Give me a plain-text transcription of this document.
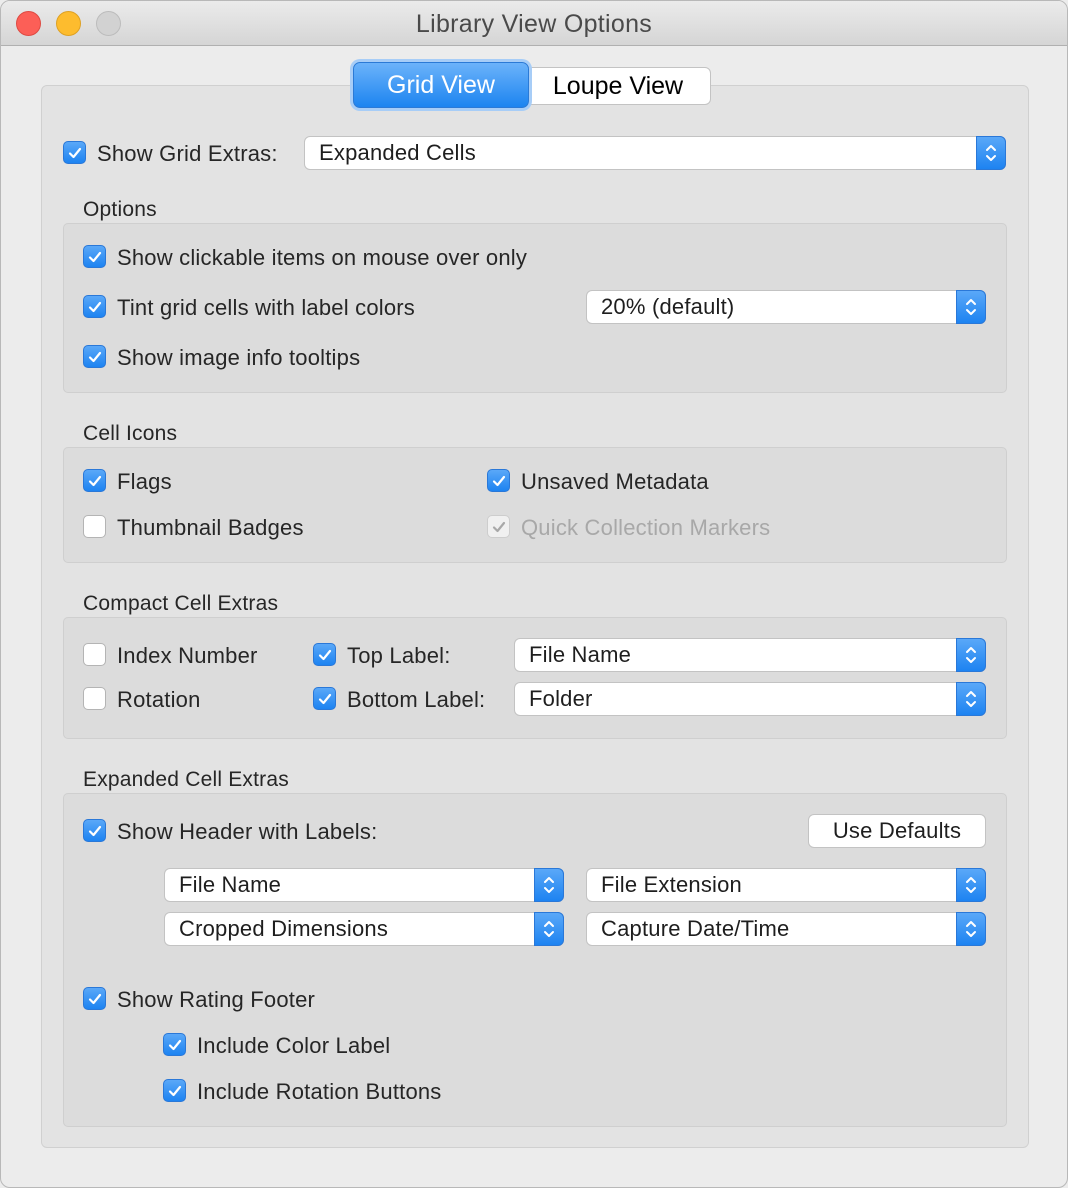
Library View Options
Grid View	Loupe View
Show Grid Extras: Expanded Cells
Options
Show clickable items on mouse over only
Tint grid cells with label colors	20% (default)
Show image info tooltips
Cell Icons
Flags	Unsaved Metadata
Thumbnail Badges	Quick Collection Markers
Compact Cell Extras
Index Number	Top Label:	File Name
Rotation	Bottom Label: Folder
Expanded Cell Extras
Show Header with Labels:	Use Defaults
File Name	File Extension
Cropped Dimensions	Capture Date/Time
Show Rating Footer
Include Color Label
Include Rotation Buttons
